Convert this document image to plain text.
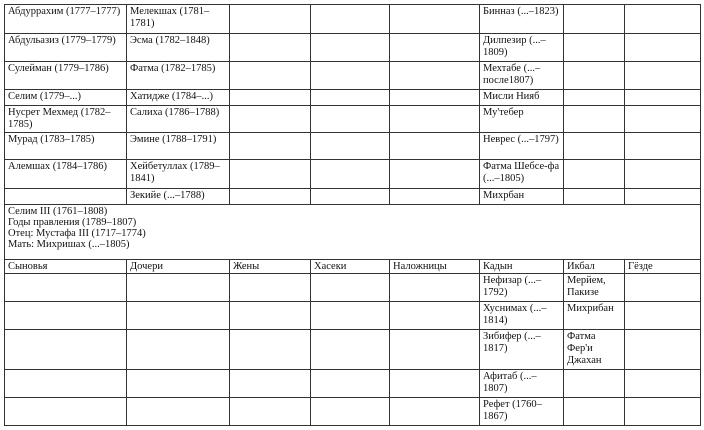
Абдуррахим (1777–1777)	Мелекшах (1781–1781)				Бинназ (...–1823)		
Абдульазиз (1779–1779)	Эсма (1782–1848)				Дилпезир (...–1809)		
Сулейман (1779–1786)	Фатма (1782–1785)				Мехтабе (...–после1807)		
Селим (1779–...)	Хатидже (1784–...)				Мисли Нияб		
Нусрет Мехмед (1782–1785)	Салиха (1786–1788)				Му'тебер		
Мурад (1783–1785)	Эмине (1788–1791)				Неврес (...–1797)		
Алемшах (1784–1786)	Хейбетуллах (1789–1841)				Фатма Шебсе-фа (...–1805)		
	Зекийе (...–1788)				Михрбан		

Селим III (1761–1808)
Годы правления (1789–1807)
Отец: Мустафа III (1717–1774)
Мать: Михришах (...–1805)							

Сыновья	Дочери	Жены	Хасеки	Наложницы	Кадын	Икбал	Гёзде
					Нефизар (...–1792)	Мерйем, Пакизе	
					Хуснимах (...–1814)	Михрибан	
					Зибифер (...–1817)	Фатма Фер'и Джахан	
					Афитаб (...–1807)		
					Рефет (1760–1867)		
